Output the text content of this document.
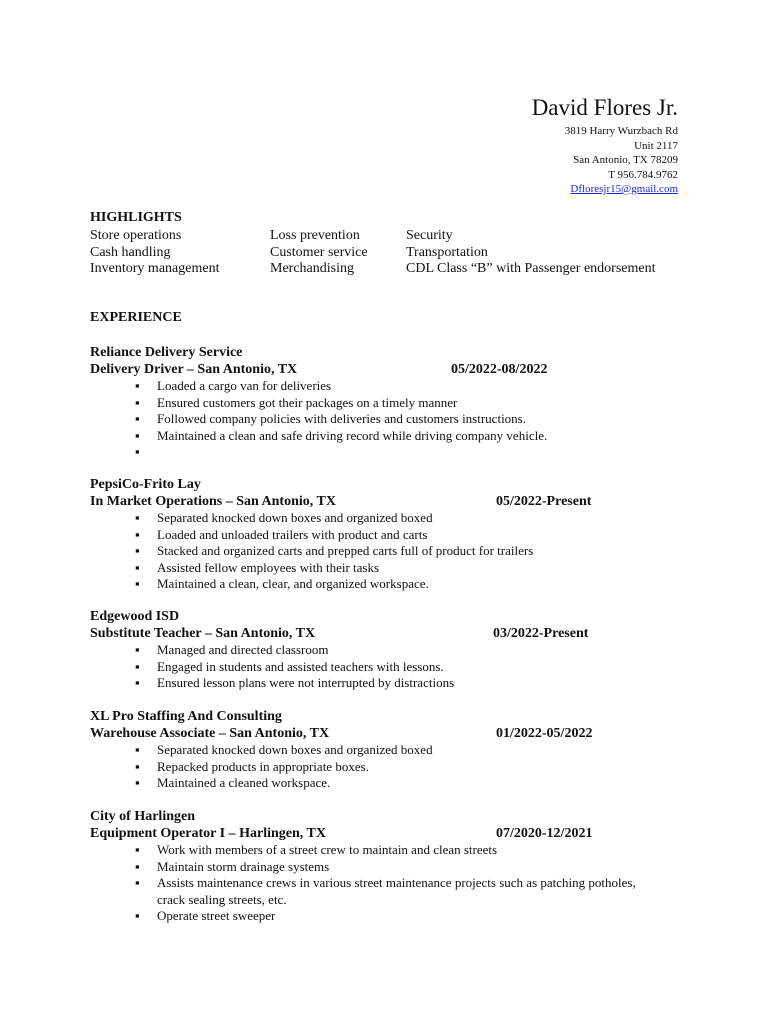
David Flores Jr.
3819 Harry Wurzbach Rd
Unit 2117
San Antonio, TX 78209
T 956.784.9762
Dfloresjr15@gmail.com
HIGHLIGHTS
Store operations	Loss prevention	Security
Cash handling	Customer service	Transportation
Inventory management	Merchandising	CDL Class “B” with Passenger endorsement
EXPERIENCE
Reliance Delivery Service
Delivery Driver – San Antonio, TX	05/2022-08/2022
▪ Loaded a cargo van for deliveries
▪ Ensured customers got their packages on a timely manner
▪ Followed company policies with deliveries and customers instructions.
▪ Maintained a clean and safe driving record while driving company vehicle.
▪

PepsiCo-Frito Lay
In Market Operations – San Antonio, TX	05/2022-Present
▪ Separated knocked down boxes and organized boxed
▪ Loaded and unloaded trailers with product and carts
▪ Stacked and organized carts and prepped carts full of product for trailers
▪ Assisted fellow employees with their tasks
▪ Maintained a clean, clear, and organized workspace.
Edgewood ISD
Substitute Teacher – San Antonio, TX	03/2022-Present
▪ Managed and directed classroom
▪ Engaged in students and assisted teachers with lessons.
▪ Ensured lesson plans were not interrupted by distractions
XL Pro Staffing And Consulting
Warehouse Associate – San Antonio, TX	01/2022-05/2022
▪ Separated knocked down boxes and organized boxed
▪ Repacked products in appropriate boxes.
▪ Maintained a cleaned workspace.
City of Harlingen
Equipment Operator I – Harlingen, TX	07/2020-12/2021
▪ Work with members of a street crew to maintain and clean streets
▪ Maintain storm drainage systems
▪ Assists maintenance crews in various street maintenance projects such as patching potholes,
crack sealing streets, etc.
▪ Operate street sweeper
